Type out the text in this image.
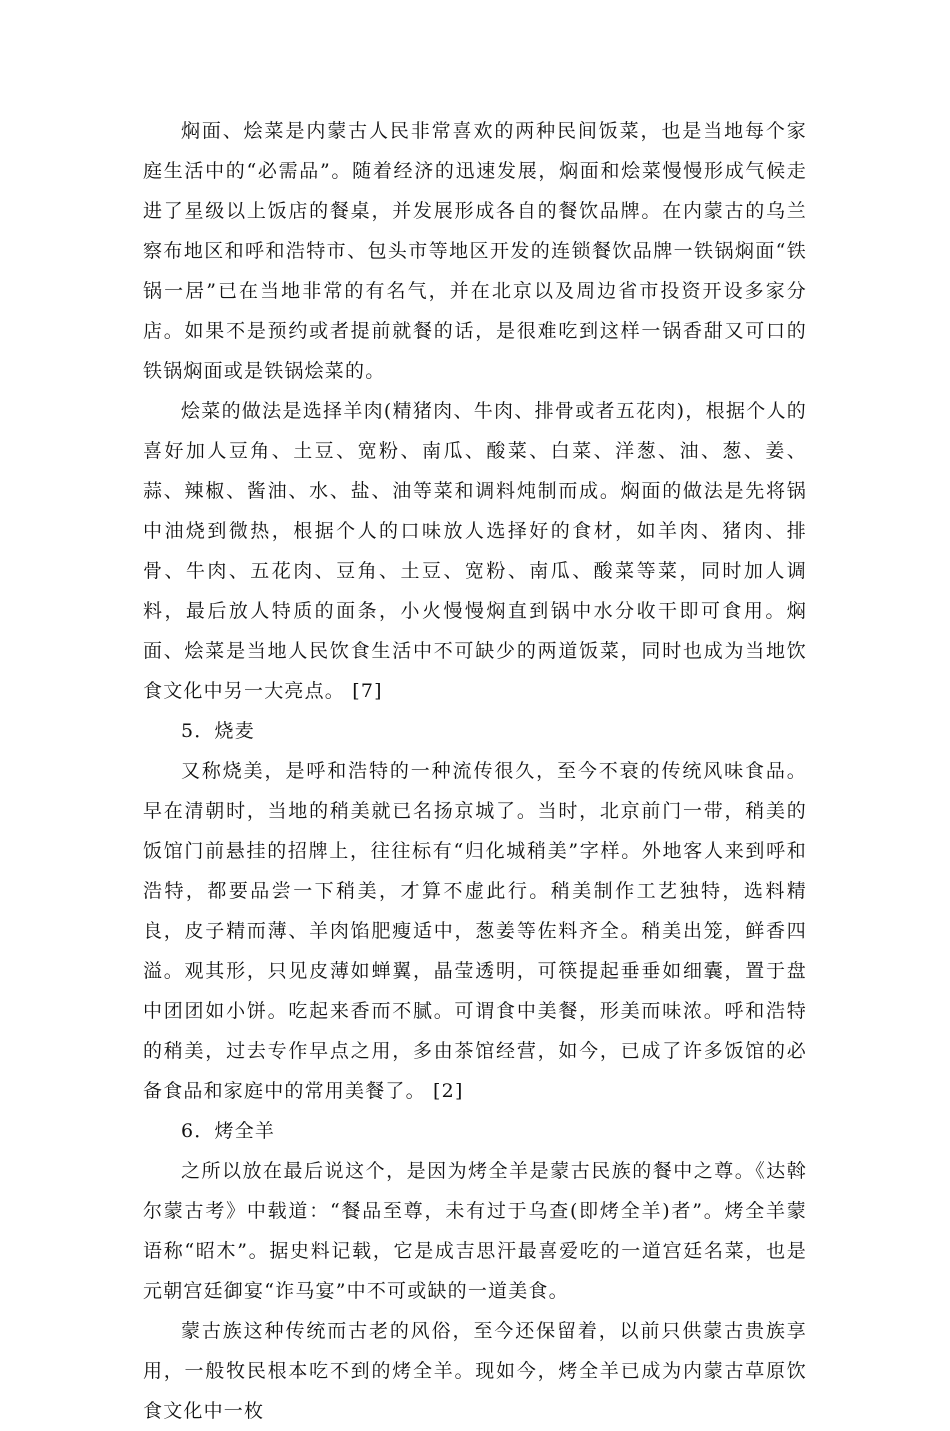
焖面、烩菜是内蒙古人民非常喜欢的两种民间饭菜，也是当地每个家庭生活中的“必需品”。随着经济的迅速发展，焖面和烩菜慢慢形成气候走进了星级以上饭店的餐桌，并发展形成各自的餐饮品牌。在内蒙古的乌兰察布地区和呼和浩特市、包头市等地区开发的连锁餐饮品牌一铁锅焖面“铁锅一居”已在当地非常的有名气，并在北京以及周边省市投资开设多家分店。如果不是预约或者提前就餐的话，是很难吃到这样一锅香甜又可口的铁锅焖面或是铁锅烩菜的。

烩菜的做法是选择羊肉(精猪肉、牛肉、排骨或者五花肉)，根据个人的喜好加人豆角、土豆、宽粉、南瓜、酸菜、白菜、洋葱、油、葱、姜、蒜、辣椒、酱油、水、盐、油等菜和调料炖制而成。焖面的做法是先将锅中油烧到微热，根据个人的口味放人选择好的食材，如羊肉、猪肉、排骨、牛肉、五花肉、豆角、土豆、宽粉、南瓜、酸菜等菜，同时加人调料，最后放人特质的面条，小火慢慢焖直到锅中水分收干即可食用。焖面、烩菜是当地人民饮食生活中不可缺少的两道饭菜，同时也成为当地饮食文化中另一大亮点。 [7]

5．烧麦

又称烧美，是呼和浩特的一种流传很久，至今不衰的传统风味食品。早在清朝时，当地的稍美就已名扬京城了。当时，北京前门一带，稍美的饭馆门前悬挂的招牌上，往往标有“归化城稍美”字样。外地客人来到呼和浩特，都要品尝一下稍美，才算不虚此行。稍美制作工艺独特，选料精良，皮子精而薄、羊肉馅肥瘦适中，葱姜等佐料齐全。稍美出笼，鲜香四溢。观其形，只见皮薄如蝉翼，晶莹透明，可筷提起垂垂如细囊，置于盘中团团如小饼。吃起来香而不腻。可谓食中美餐，形美而味浓。呼和浩特的稍美，过去专作早点之用，多由茶馆经营，如今，已成了许多饭馆的必备食品和家庭中的常用美餐了。 [2]

6．烤全羊

之所以放在最后说这个，是因为烤全羊是蒙古民族的餐中之尊。《达斡尔蒙古考》中载道：“餐品至尊，未有过于乌查(即烤全羊)者”。烤全羊蒙语称“昭木”。据史料记载，它是成吉思汗最喜爱吃的一道宫廷名菜，也是元朝宫廷御宴“诈马宴”中不可或缺的一道美食。

蒙古族这种传统而古老的风俗，至今还保留着，以前只供蒙古贵族享用，一般牧民根本吃不到的烤全羊。现如今，烤全羊已成为内蒙古草原饮食文化中一枚
